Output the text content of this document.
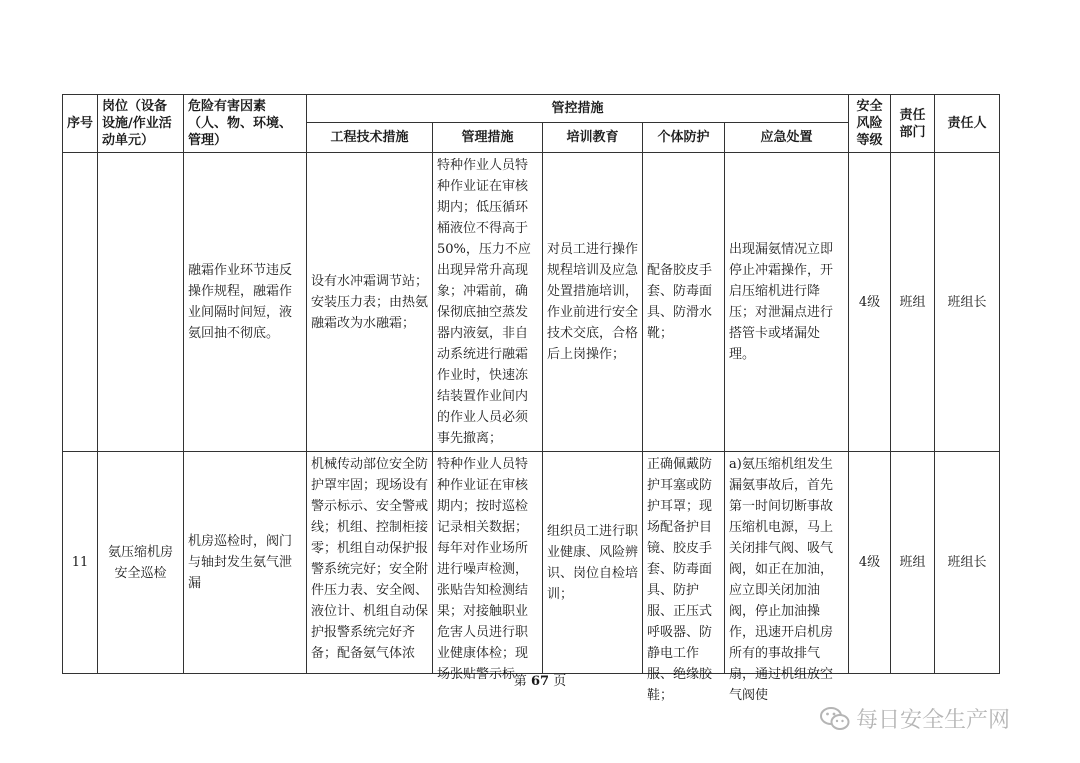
序号	岗位（设备设施/作业活动单元）	危险有害因素（人、物、环境、管理）	管控措施					安全风险等级	责任部门	责任人
			工程技术措施	管理措施	培训教育	个体防护	应急处置			
		融霜作业环节违反操作规程，融霜作业间隔时间短，液氨回抽不彻底。	设有水冲霜调节站；安装压力表；由热氨融霜改为水融霜；	特种作业人员特种作业证在审核期内；低压循环桶液位不得高于50%，压力不应出现异常升高现象；冲霜前，确保彻底抽空蒸发器内液氨，非自动系统进行融霜作业时，快速冻结装置作业间内的作业人员必须事先撤离；	对员工进行操作规程培训及应急处置措施培训，作业前进行安全技术交底，合格后上岗操作；	配备胶皮手套、防毒面具、防滑水靴；	出现漏氨情况立即停止冲霜操作，开启压缩机进行降压；对泄漏点进行搭管卡或堵漏处理。	4级	班组	班组长
11	氨压缩机房安全巡检	机房巡检时，阀门与轴封发生氨气泄漏	机械传动部位安全防护罩牢固；现场设有警示标示、安全警戒线；机组、控制柜接零；机组自动保护报警系统完好；安全附件压力表、安全阀、液位计、机组自动保护报警系统完好齐备；配备氨气体浓	特种作业人员特种作业证在审核期内；按时巡检记录相关数据；每年对作业场所进行噪声检测，张贴告知检测结果；对接触职业危害人员进行职业健康体检；现场张贴警示标	组织员工进行职业健康、风险辨识、岗位自检培训；	正确佩戴防护耳塞或防护耳罩；现场配备护目镜、胶皮手套、防毒面具、防护服、正压式呼吸器、防静电工作服、绝缘胶鞋；	a)氨压缩机组发生漏氨事故后，首先第一时间切断事故压缩机电源，马上关闭排气阀、吸气阀，如正在加油，应立即关闭加油阀，停止加油操作，迅速开启机房所有的事故排气扇，通过机组放空气阀使	4级	班组	班组长
第 67 页
每日安全生产网
